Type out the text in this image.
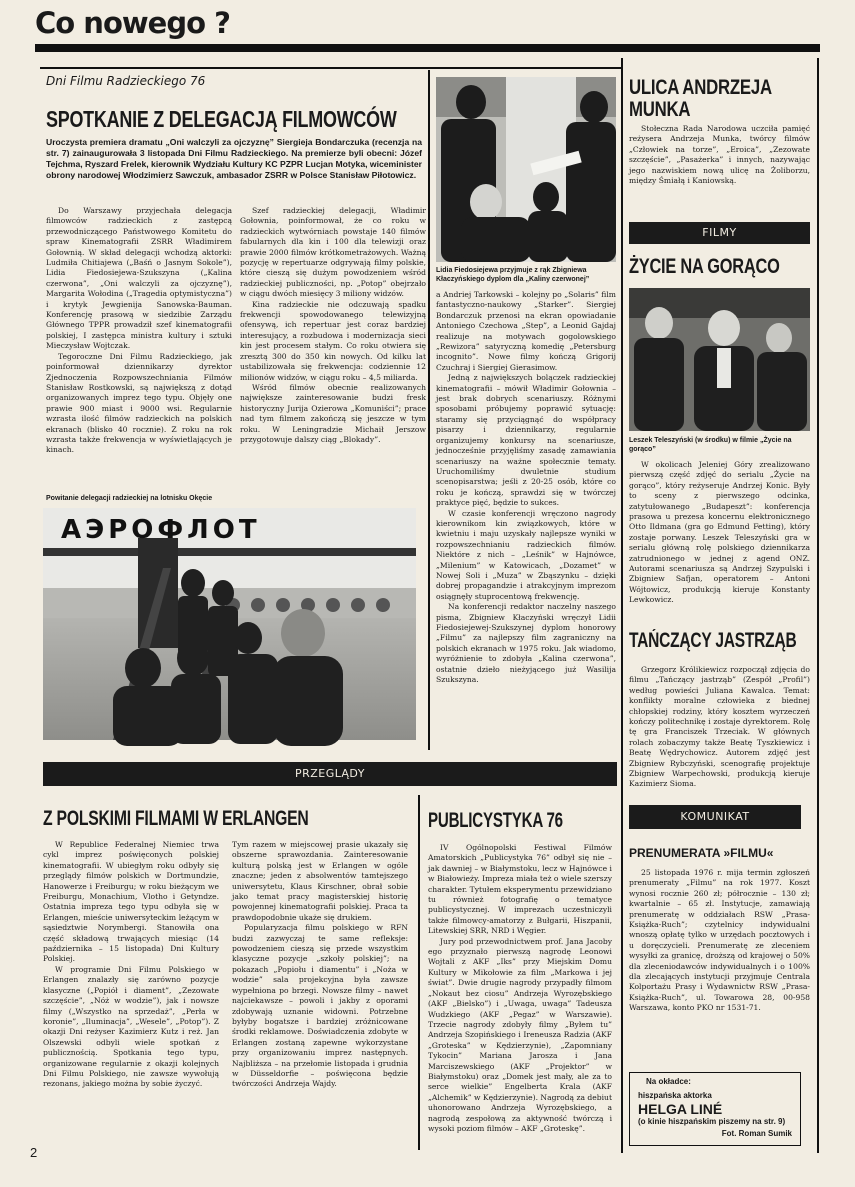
Co nowego ?
Dni Filmu Radzieckiego 76
SPOTKANIE Z DELEGACJĄ FILMOWCÓW
Uroczysta premiera dramatu „Oni walczyli za ojczyznę” Siergieja Bondarczuka (recenzja na str. 7) zainaugurowała 3 listopada Dni Filmu Radzieckiego. Na premierze byli obecni: Józef Tejchma, Ryszard Frelek, kierownik Wydziału Kultury KC PZPR Lucjan Motyka, wiceminister obrony narodowej Włodzimierz Sawczuk, ambasador ZSRR w Polsce Stanisław Piłotowicz.

Do Warszawy przyjechała delegacja filmowców radzieckich z zastępcą przewodniczącego Państwowego Komitetu do spraw Kinematografii ZSRR Władimirem Gołownią. W skład delegacji wchodzą aktorki: Ludmiła Chitiajewa („Baśń o Jasnym Sokole”), Lidia Fiedosiejewa-Szukszyna („Kalina czerwona”, „Oni walczyli za ojczyznę”), Margarita Wołodina („Tragedia optymistyczna”) i krytyk Jewgienija Sanowska-Bauman. Konferencję prasową w siedzibie Zarządu Głównego TPPR prowadził szef kinematografii polskiej, I zastępca ministra kultury i sztuki Mieczysław Wojtczak.

Tegoroczne Dni Filmu Radzieckiego, jak poinformował dziennikarzy dyrektor Zjednoczenia Rozpowszechniania Filmów Stanisław Rostkowski, są największą z dotąd organizowanych imprez tego typu. Objęły one prawie 900 miast i 9000 wsi. Regularnie wzrasta ilość filmów radzieckich na polskich ekranach (blisko 40 rocznie). Z roku na rok wzrasta także frekwencja w wyświetlających je kinach.

Szef radzieckiej delegacji, Władimir Gołownia, poinformował, że co roku w radzieckich wytwórniach powstaje 140 filmów fabularnych dla kin i 100 dla telewizji oraz prawie 2000 filmów krótkometrażowych. Ważną pozycję w repertuarze odgrywają filmy polskie, które cieszą się dużym powodzeniem wśród radzieckiej publiczności, np. „Potop” obejrzało w ciągu dwóch miesięcy 3 miliony widzów.

Kina radzieckie nie odczuwają spadku frekwencji spowodowanego telewizyjną ofensywą, ich repertuar jest coraz bardziej interesujący, a rozbudowa i modernizacja sieci kin jest procesem stałym. Co roku otwiera się zresztą 300 do 350 kin nowych. Od kilku lat ustabilizowała się frekwencja: codziennie 12 milionów widzów, w ciągu roku – 4,5 miliarda.

Wśród filmów obecnie realizowanych największe zainteresowanie budzi fresk historyczny Jurija Ozierowa „Komuniści”; prace nad tym filmem zakończą się jeszcze w tym roku. W Leningradzie Michaił Jerszow przygotowuje dalszy ciąg „Blokady”.

Powitanie delegacji radzieckiej na lotnisku Okęcie
АЭРОФЛОТ
Lidia Fiedosiejewa przyjmuje z rąk Zbigniewa Kłaczyńskiego dyplom dla „Kaliny czerwonej”

a Andriej Tarkowski – kolejny po „Solaris” film fantastyczno-naukowy „Starker”. Siergiej Bondarczuk przenosi na ekran opowiadanie Antoniego Czechowa „Step”, a Leonid Gajdaj realizuje na motywach gogolowskiego „Rewizora” satyryczną komedię „Petersburg incognito”. Nowe filmy kończą Grigorij Czuchraj i Siergiej Gierasimow.

Jedną z największych bolączek radzieckiej kinematografii – mówił Władimir Gołownia – jest brak dobrych scenariuszy. Różnymi sposobami próbujemy poprawić sytuację: staramy się przyciągnąć do współpracy pisarzy i dziennikarzy, regularnie organizujemy konkursy na scenariusze, jednocześnie przyjęliśmy zasadę zamawiania scenariuszy na ważne społecznie tematy. Uruchomiliśmy dwuletnie studium scenopisarstwa; jeśli z 20-25 osób, które co roku je kończą, sprawdzi się w twórczej praktyce pięć, będzie to sukces.

W czasie konferencji wręczono nagrody kierownikom kin związkowych, które w kwietniu i maju uzyskały najlepsze wyniki w rozpowszechnianiu radzieckich filmów. Niektóre z nich – „Leśnik” w Hajnówce, „Milenium” w Katowicach, „Dozamet” w Nowej Soli i „Muza” w Zbąszynku – dzięki dobrej propagandzie i atrakcyjnym imprezom osiągnęły stuprocentową frekwencję.

Na konferencji redaktor naczelny naszego pisma, Zbigniew Kłaczyński wręczył Lidii Fiedosiejewej-Szukszynej dyplom honorowy „Filmu” za najlepszy film zagraniczny na polskich ekranach w 1975 roku. Jak wiadomo, wyróżnienie to zdobyła „Kalina czerwona”, ostatnie dzieło nieżyjącego już Wasilija Szukszyna.

ULICA ANDRZEJA MUNKA
Stołeczna Rada Narodowa uczciła pamięć reżysera Andrzeja Munka, twórcy filmów „Człowiek na torze”, „Eroica”, „Zezowate szczęście”, „Pasażerka” i innych, nazywając jego nazwiskiem nową ulicę na Żoliborzu, między Śmiałą i Kaniowską.
FILMY
ŻYCIE NA GORĄCO
Leszek Teleszyński (w środku) w filmie „Życie na gorąco”
W okolicach Jeleniej Góry zrealizowano pierwszą część zdjęć do serialu „Życie na gorąco”, który reżyseruje Andrzej Konic. Były to sceny z pierwszego odcinka, zatytułowanego „Budapeszt”: konferencja prasowa u prezesa koncernu elektronicznego Otto Ildmana (gra go Edmund Fetting), który zostaje porwany. Leszek Teleszyński gra w serialu główną rolę polskiego dziennikarza zatrudnionego w jednej z agend ONZ. Autorami scenariusza są Andrzej Szypulski i Zbigniew Safjan, operatorem – Antoni Wójtowicz, produkcją kieruje Konstanty Lewkowicz.
TAŃCZĄCY JASTRZĄB
Grzegorz Królikiewicz rozpoczął zdjęcia do filmu „Tańczący jastrząb” (Zespół „Profil”) według powieści Juliana Kawalca. Temat: konflikty moralne człowieka z biednej chłopskiej rodziny, który kosztem wyrzeczeń kończy politechnikę i zostaje dyrektorem. Rolę tę gra Franciszek Trzeciak. W głównych rolach zobaczymy także Beatę Tyszkiewicz i Beatę Wędrychowicz. Autorem zdjęć jest Zbigniew Rybczyński, scenografię projektuje Zbigniew Warpechowski, produkcją kieruje Kazimierz Sioma.
PRZEGLĄDY
Z POLSKIMI FILMAMI W ERLANGEN

W Republice Federalnej Niemiec trwa cykl imprez poświęconych polskiej kinematografii. W ubiegłym roku odbyły się przeglądy filmów polskich w Dortmundzie, Hanowerze i Freiburgu; w roku bieżącym we Freiburgu, Monachium, Vlotho i Getyndze. Ostatnia impreza tego typu odbyła się w Erlangen, mieście uniwersyteckim leżącym w sąsiedztwie Norymbergi. Stanowiła ona część składową trwających miesiąc (14 października – 15 listopada) Dni Kultury Polskiej.

W programie Dni Filmu Polskiego w Erlangen znalazły się zarówno pozycje klasyczne („Popiół i diament”, „Zezowate szczęście”, „Nóż w wodzie”), jak i nowsze filmy („Wszystko na sprzedaż”, „Perła w koronie”, „Iluminacja”, „Wesele”, „Potop”). Z okazji Dni reżyser Kazimierz Kutz i reż. Jan Olszewski odbyli wiele spotkań z publicznością. Spotkania tego typu, organizowane regularnie z okazji kolejnych Dni Filmu Polskiego, nie zawsze wywołują rezonans, jakiego można by sobie życzyć.

Tym razem w miejscowej prasie ukazały się obszerne sprawozdania. Zainteresowanie kulturą polską jest w Erlangen w ogóle znaczne; jeden z absolwentów tamtejszego uniwersytetu, Klaus Kirschner, obrał sobie jako temat pracy magisterskiej historię powojennej kinematografii polskiej. Praca ta prawdopodobnie ukaże się drukiem.

Popularyzacja filmu polskiego w RFN budzi zazwyczaj te same refleksje: powodzeniem cieszą się przede wszystkim klasyczne pozycje „szkoły polskiej”; na pokazach „Popiołu i diamentu” i „Noża w wodzie” sala projekcyjna była zawsze wypełniona po brzegi. Nowsze filmy – nawet najciekawsze – powoli i jakby z oporami zdobywają uznanie widowni. Potrzebne byłyby bogatsze i bardziej zróżnicowane środki reklamowe. Doświadczenia zdobyte w Erlangen zostaną zapewne wykorzystane przy organizowaniu imprez następnych. Najbliższa – na przełomie listopada i grudnia w Düsseldorfie – poświęcona będzie twórczości Andrzeja Wajdy.

PUBLICYSTYKA 76

IV Ogólnopolski Festiwal Filmów Amatorskich „Publicystyka 76” odbył się nie – jak dawniej – w Białymstoku, lecz w Hajnówce i w Białowieży. Impreza miała też o wiele szerszy charakter. Tytułem eksperymentu przewidziano tu również fotografię o tematyce publicystycznej. W imprezach uczestniczyli także filmowcy-amatorzy z Bułgarii, Hiszpanii, Litewskiej SRR, NRD i Węgier.

Jury pod przewodnictwem prof. Jana Jacoby ego przyznało pierwszą nagrodę Leonowi Wojtali z AKF „Iks” przy Miejskim Domu Kultury w Mikołowie za film „Markowa i jej świat”. Dwie drugie nagrody przypadły filmom „Nokaut bez ciosu” Andrzeja Wyrozębskiego (AKF „Bielsko”) i „Uwaga, uwaga” Tadeusza Wudzkiego (AKF „Pegaz” w Warszawie). Trzecie nagrody zdobyły filmy „Byłem tu” Andrzeja Szopińskiego i Ireneusza Radzia (AKF „Groteska” w Kędzierzynie), „Zapomniany Tykocin” Mariana Jarosza i Jana Marciszewskiego (AKF „Projektor” w Białymstoku) oraz „Domek jest mały, ale za to serce wielkie” Engelberta Krala (AKF „Alchemik” w Kędzierzynie). Nagrodą za debiut uhonorowano Andrzeja Wyrozębskiego, a nagrodą zespołową za aktywność twórczą i wysoki poziom filmów – AKF „Groteskę”.

KOMUNIKAT
PRENUMERATA »FILMU«
25 listopada 1976 r. mija termin zgłoszeń prenumeraty „Filmu” na rok 1977. Koszt wynosi rocznie 260 zł; półrocznie – 130 zł; kwartalnie – 65 zł. Instytucje, zamawiają prenumeratę w oddziałach RSW „Prasa-Książka-Ruch”; czytelnicy indywidualni wnoszą opłatę tylko w urzędach pocztowych i u doręczycieli. Prenumeratę ze zleceniem wysyłki za granicę, droższą od krajowej o 50% dla zleceniodawców indywidualnych i o 100% dla zlecających instytucji przyjmuje Centrala Kolportażu Prasy i Wydawnictw RSW „Prasa-Książka-Ruch”, ul. Towarowa 28, 00-958 Warszawa, konto PKO nr 1531-71.
Na okładce:
hiszpańska aktorka
HELGA LINÉ
(o kinie hiszpańskim piszemy na str. 9)
Fot. Roman Sumik
2
